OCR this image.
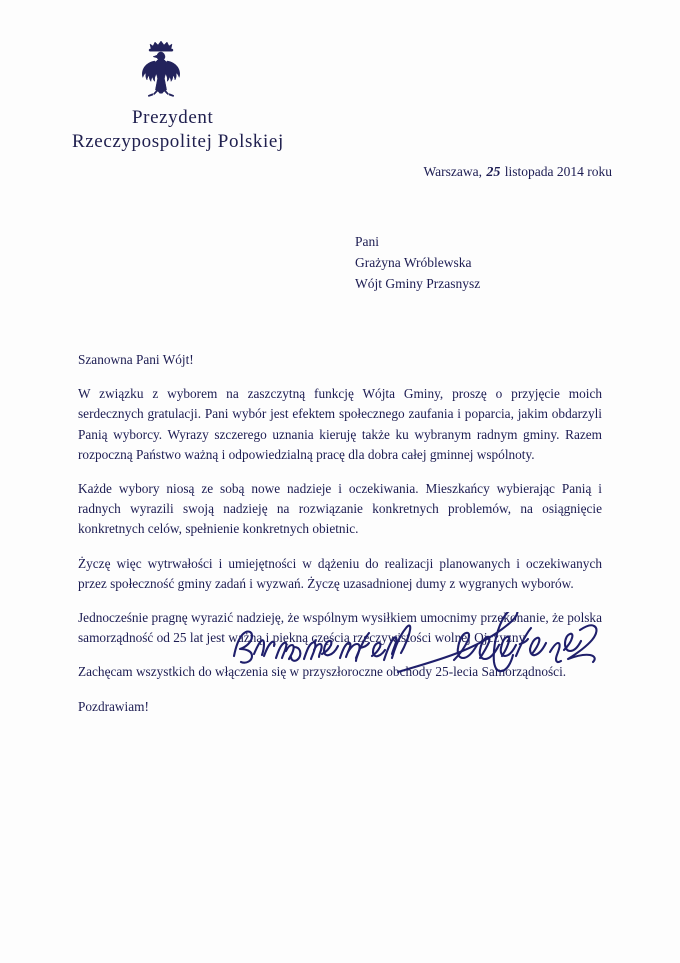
Prezydent
Rzeczypospolitej Polskiej
Warszawa, 25 listopada 2014 roku
Pani
Grażyna Wróblewska
Wójt Gminy Przasnysz

Szanowna Pani Wójt!

W związku z wyborem na zaszczytną funkcję Wójta Gminy, proszę o przyjęcie moich serdecznych gratulacji. Pani wybór jest efektem społecznego zaufania i poparcia, jakim obdarzyli Panią wyborcy. Wyrazy szczerego uznania kieruję także ku wybranym radnym gminy. Razem rozpoczną Państwo ważną i odpowiedzialną pracę dla dobra całej gminnej wspólnoty.

Każde wybory niosą ze sobą nowe nadzieje i oczekiwania. Mieszkańcy wybierając Panią i radnych wyrazili swoją nadzieję na rozwiązanie konkretnych problemów, na osiągnięcie konkretnych celów, spełnienie konkretnych obietnic.

Życzę więc wytrwałości i umiejętności w dążeniu do realizacji planowanych i oczekiwanych przez społeczność gminy zadań i wyzwań. Życzę uzasadnionej dumy z wygranych wyborów.

Jednocześnie pragnę wyrazić nadzieję, że wspólnym wysiłkiem umocnimy przekonanie, że polska samorządność od 25 lat jest ważną i piękną częścią rzeczywistości wolnej Ojczyzny.

Zachęcam wszystkich do włączenia się w przyszłoroczne obchody 25-lecia Samorządności.

Pozdrawiam!
